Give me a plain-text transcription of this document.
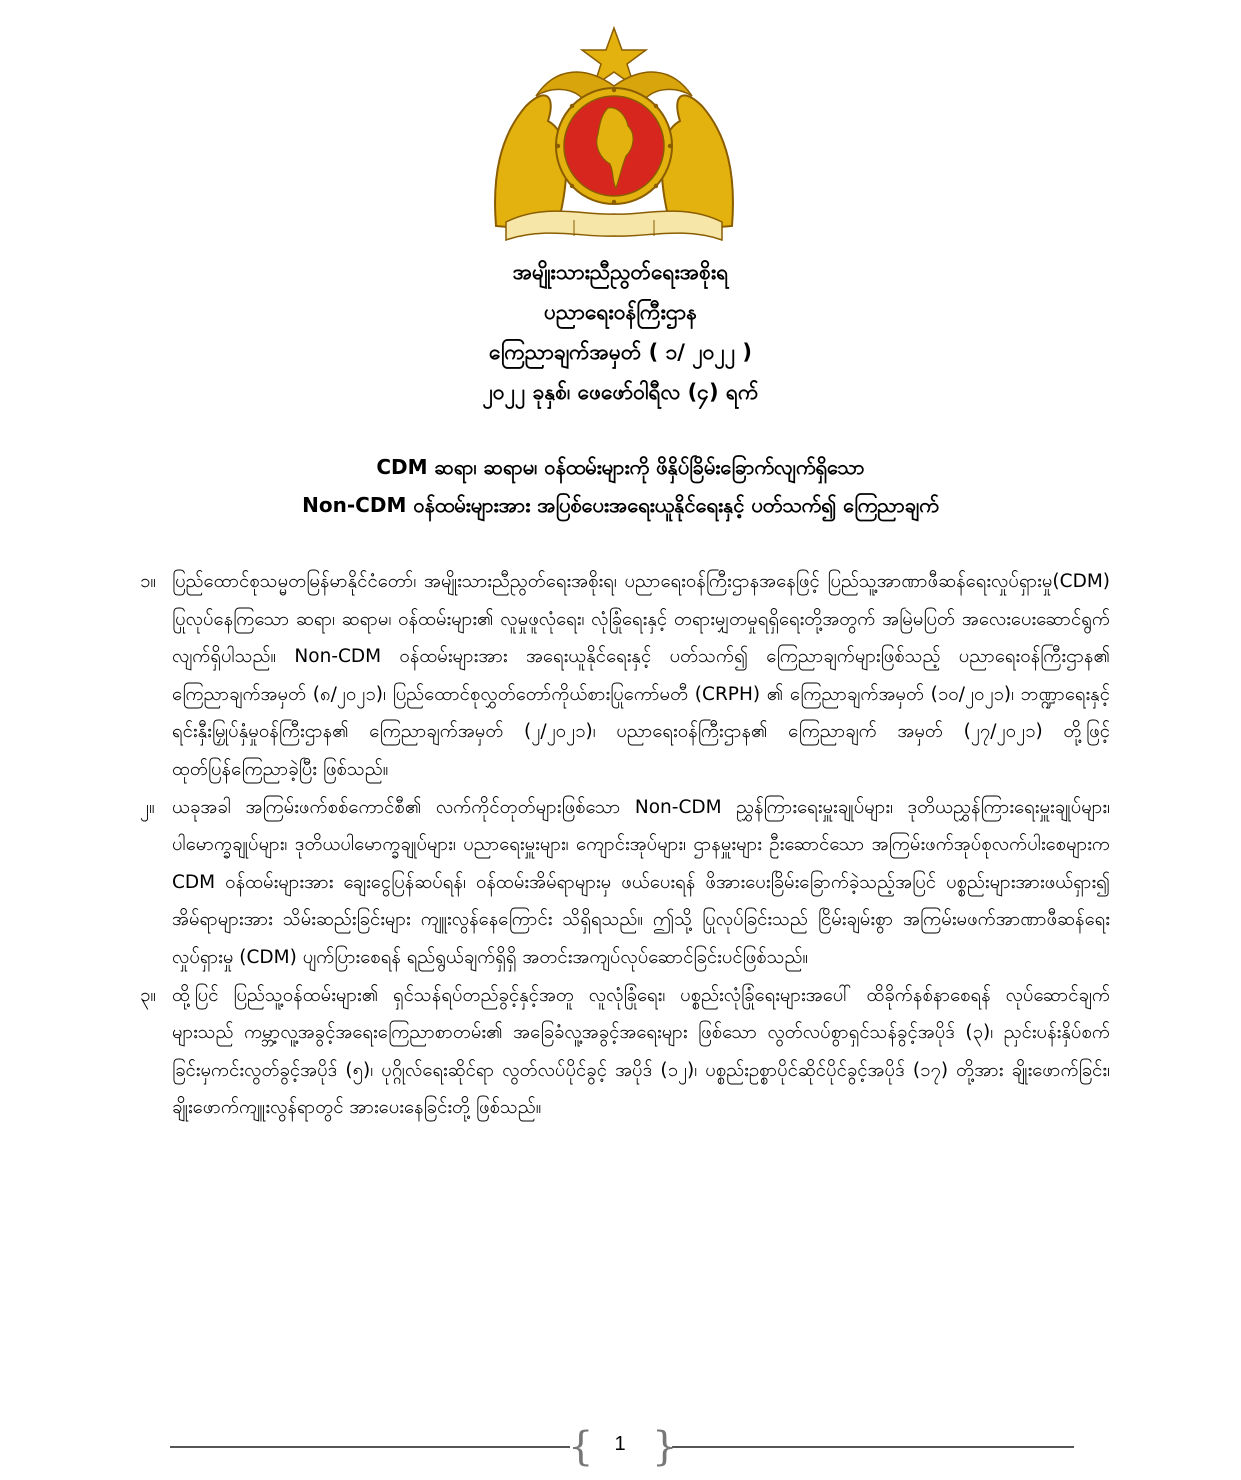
အမျိုးသားညီညွတ်ရေးအစိုးရ
ပညာရေးဝန်ကြီးဌာန
ကြေညာချက်အမှတ် ( ၁/ ၂၀၂၂ )
၂၀၂၂ ခုနှစ်၊ ဖေဖော်ဝါရီလ (၄) ရက်
CDM ဆရာ၊ ဆရာမ၊ ဝန်ထမ်းများကို ဖိနှိပ်ခြိမ်းခြောက်လျက်ရှိသော
Non-CDM ဝန်ထမ်းများအား အပြစ်ပေးအရေးယူနိုင်ရေးနှင့် ပတ်သက်၍ ကြေညာချက်

၁။ ပြည်ထောင်စုသမ္မတမြန်မာနိုင်ငံတော်၊ အမျိုးသားညီညွတ်ရေးအစိုးရ၊ ပညာရေးဝန်ကြီးဌာနအနေဖြင့် ပြည်သူ့အာဏာဖီဆန်ရေးလှုပ်ရှားမှု(CDM) ပြုလုပ်နေကြသော ဆရာ၊ ဆရာမ၊ ဝန်ထမ်းများ၏ လူမှုဖူလုံရေး၊ လုံခြုံရေးနှင့် တရားမျှတမှုရရှိရေးတို့အတွက် အမြဲမပြတ် အလေးပေးဆောင်ရွက်လျက်ရှိပါသည်။ Non-CDM ဝန်ထမ်းများအား အရေးယူနိုင်ရေးနှင့် ပတ်သက်၍ ကြေညာချက်များဖြစ်သည့် ပညာရေးဝန်ကြီးဌာန၏ ကြေညာချက်အမှတ် (၈/၂၀၂၁)၊ ပြည်ထောင်စုလွှတ်တော်ကိုယ်စားပြုကော်မတီ (CRPH) ၏ ကြေညာချက်အမှတ် (၁၀/၂၀၂၁)၊ ဘဏ္ဍာရေးနှင့် ရင်းနှီးမြှုပ်နှံမှုဝန်ကြီးဌာန၏ ကြေညာချက်အမှတ် (၂/၂၀၂၁)၊ ပညာရေးဝန်ကြီးဌာန၏ ကြေညာချက် အမှတ် (၂၇/၂၀၂၁) တို့ဖြင့် ထုတ်ပြန်ကြေညာခဲ့ပြီး ဖြစ်သည်။

၂။ ယခုအခါ အကြမ်းဖက်စစ်ကောင်စီ၏ လက်ကိုင်တုတ်များဖြစ်သော Non-CDM ညွှန်ကြားရေးမှူးချုပ်များ၊ ဒုတိယညွှန်ကြားရေးမှူးချုပ်များ၊ ပါမောက္ခချုပ်များ၊ ဒုတိယပါမောက္ခချုပ်များ၊ ပညာရေးမှူးများ၊ ကျောင်းအုပ်များ၊ ဌာနမှူးများ ဦးဆောင်သော အကြမ်းဖက်အုပ်စုလက်ပါးစေများက CDM ဝန်ထမ်းများအား ချေးငွေပြန်ဆပ်ရန်၊ ဝန်ထမ်းအိမ်ရာများမှ ဖယ်ပေးရန် ဖိအားပေးခြိမ်းခြောက်ခဲ့သည့်အပြင် ပစ္စည်းများအားဖယ်ရှား၍ အိမ်ရာများအား သိမ်းဆည်းခြင်းများ ကျူးလွန်နေကြောင်း သိရှိရသည်။ ဤသို့ ပြုလုပ်ခြင်းသည် ငြိမ်းချမ်းစွာ အကြမ်းမဖက်အာဏာဖီဆန်ရေးလှုပ်ရှားမှု (CDM) ပျက်ပြားစေရန် ရည်ရွယ်ချက်ရှိရှိ အတင်းအကျပ်လုပ်ဆောင်ခြင်းပင်ဖြစ်သည်။

၃။ ထို့ပြင် ပြည်သူ့ဝန်ထမ်းများ၏ ရှင်သန်ရပ်တည်ခွင့်နှင့်အတူ လူလုံခြုံရေး၊ ပစ္စည်းလုံခြုံရေးများအပေါ် ထိခိုက်နစ်နာစေရန် လုပ်ဆောင်ချက်များသည် ကမ္ဘာ့လူ့အခွင့်အရေးကြေညာစာတမ်း၏ အခြေခံလူ့အခွင့်အရေးများ ဖြစ်သော လွတ်လပ်စွာရှင်သန်ခွင့်အပိုဒ် (၃)၊ ညှင်းပန်းနှိပ်စက်ခြင်းမှကင်းလွတ်ခွင့်အပိုဒ် (၅)၊ ပုဂ္ဂိုလ်ရေးဆိုင်ရာ လွတ်လပ်ပိုင်ခွင့် အပိုဒ် (၁၂)၊ ပစ္စည်းဥစ္စာပိုင်ဆိုင်ပိုင်ခွင့်အပိုဒ် (၁၇) တို့အား ချိုးဖောက်ခြင်း၊ ချိုးဖောက်ကျူးလွန်ရာတွင် အားပေးနေခြင်းတို့ ဖြစ်သည်။

{ }
1
